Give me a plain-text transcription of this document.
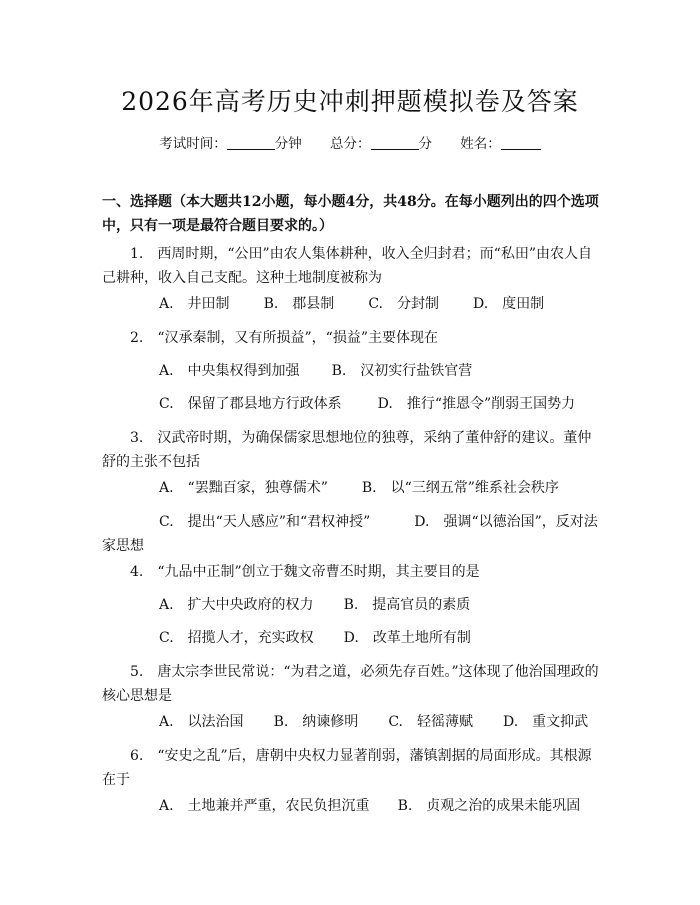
2026年高考历史冲刺押题模拟卷及答案
考试时间：	分钟 总分：	分 姓名：
一、选择题（本大题共12小题，每小题4分，共48分。在每小题列出的四个选项中，只有一项是最符合题目要求的。）
1.　西周时期，“公田”由农人集体耕种，收入全归封君；而“私田”由农人自己耕种，收入自己支配。这种土地制度被称为
A.　井田制 B.　郡县制 C.　分封制 D.　度田制
2.　“汉承秦制，又有所损益”，“损益”主要体现在
A.　中央集权得到加强 B.　汉初实行盐铁官营
C.　保留了郡县地方行政体系	D.　推行“推恩令”削弱王国势力
3.　汉武帝时期，为确保儒家思想地位的独尊，采纳了董仲舒的建议。董仲舒的主张不包括
A.　“罢黜百家，独尊儒术” B.　以“三纲五常”维系社会秩序
C.　提出“天人感应”和“君权神授”	D.　强调“以德治国”，反对法家思想
4.　“九品中正制”创立于魏文帝曹丕时期，其主要目的是
A.　扩大中央政府的权力 B.　提高官员的素质
C.　招揽人才，充实政权 D.　改革土地所有制
5.　唐太宗李世民常说：“为君之道，必须先存百姓。”这体现了他治国理政的核心思想是
A.　以法治国 B.　纳谏修明 C.　轻徭薄赋 D.　重文抑武
6.　“安史之乱”后，唐朝中央权力显著削弱，藩镇割据的局面形成。其根源在于
A.　土地兼并严重，农民负担沉重 B.　贞观之治的成果未能巩固
